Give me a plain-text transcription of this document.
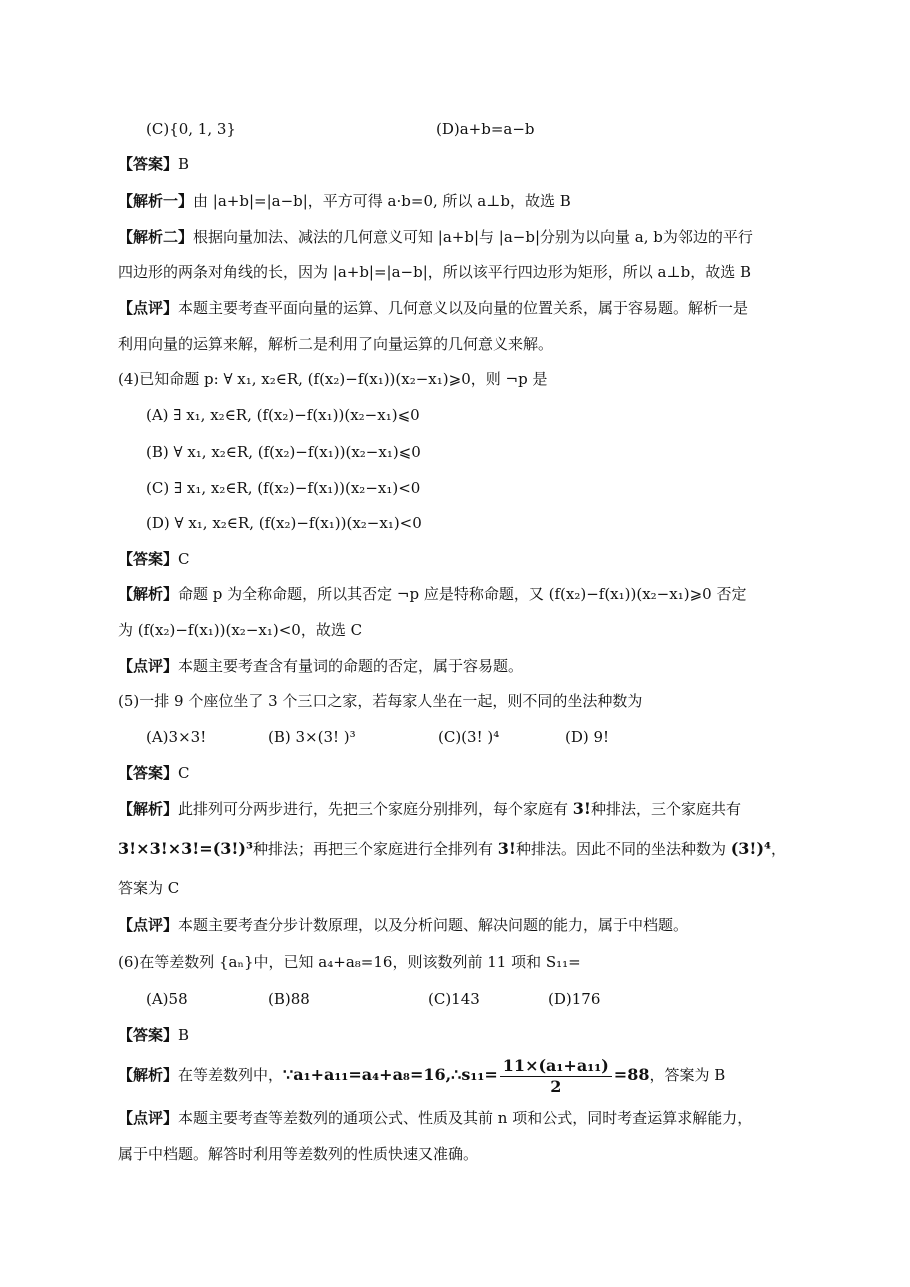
(C){0, 1, 3}	(D)a+b=a−b
【答案】B
【解析一】由 |a+b|=|a−b|，平方可得 a·b=0, 所以 a⊥b，故选 B
【解析二】根据向量加法、减法的几何意义可知 |a+b|与 |a−b|分别为以向量 a, b为邻边的平行
四边形的两条对角线的长，因为 |a+b|=|a−b|，所以该平行四边形为矩形，所以 a⊥b，故选 B
【点评】本题主要考查平面向量的运算、几何意义以及向量的位置关系，属于容易题。解析一是
利用向量的运算来解，解析二是利用了向量运算的几何意义来解。
(4)已知命题 p: ∀ x₁, x₂∈R, (f(x₂)−f(x₁))(x₂−x₁)⩾0，则 ¬p 是
(A) ∃ x₁, x₂∈R, (f(x₂)−f(x₁))(x₂−x₁)⩽0
(B) ∀ x₁, x₂∈R, (f(x₂)−f(x₁))(x₂−x₁)⩽0
(C) ∃ x₁, x₂∈R, (f(x₂)−f(x₁))(x₂−x₁)<0
(D) ∀ x₁, x₂∈R, (f(x₂)−f(x₁))(x₂−x₁)<0
【答案】C
【解析】命题 p 为全称命题，所以其否定 ¬p 应是特称命题，又 (f(x₂)−f(x₁))(x₂−x₁)⩾0 否定
为 (f(x₂)−f(x₁))(x₂−x₁)<0，故选 C
【点评】本题主要考查含有量词的命题的否定，属于容易题。
(5)一排 9 个座位坐了 3 个三口之家，若每家人坐在一起，则不同的坐法种数为
(A)3×3!	(B) 3×(3! )³	(C)(3! )⁴	(D) 9!
【答案】C
【解析】此排列可分两步进行，先把三个家庭分别排列，每个家庭有 3!种排法，三个家庭共有
3!×3!×3!=(3!)³种排法；再把三个家庭进行全排列有 3!种排法。因此不同的坐法种数为 (3!)⁴，
答案为 C
【点评】本题主要考查分步计数原理，以及分析问题、解决问题的能力，属于中档题。
(6)在等差数列 {aₙ}中，已知 a₄+a₈=16，则该数列前 11 项和 S₁₁=
(A)58	(B)88	(C)143	(D)176
【答案】B
【解析】在等差数列中，∵a₁+a₁₁=a₄+a₈=16,∴s₁₁= $\frac{\text{11×(a₁+a₁₁)}}{2} =88$，答案为 B
【点评】本题主要考查等差数列的通项公式、性质及其前 n 项和公式，同时考查运算求解能力，
属于中档题。解答时利用等差数列的性质快速又准确。
